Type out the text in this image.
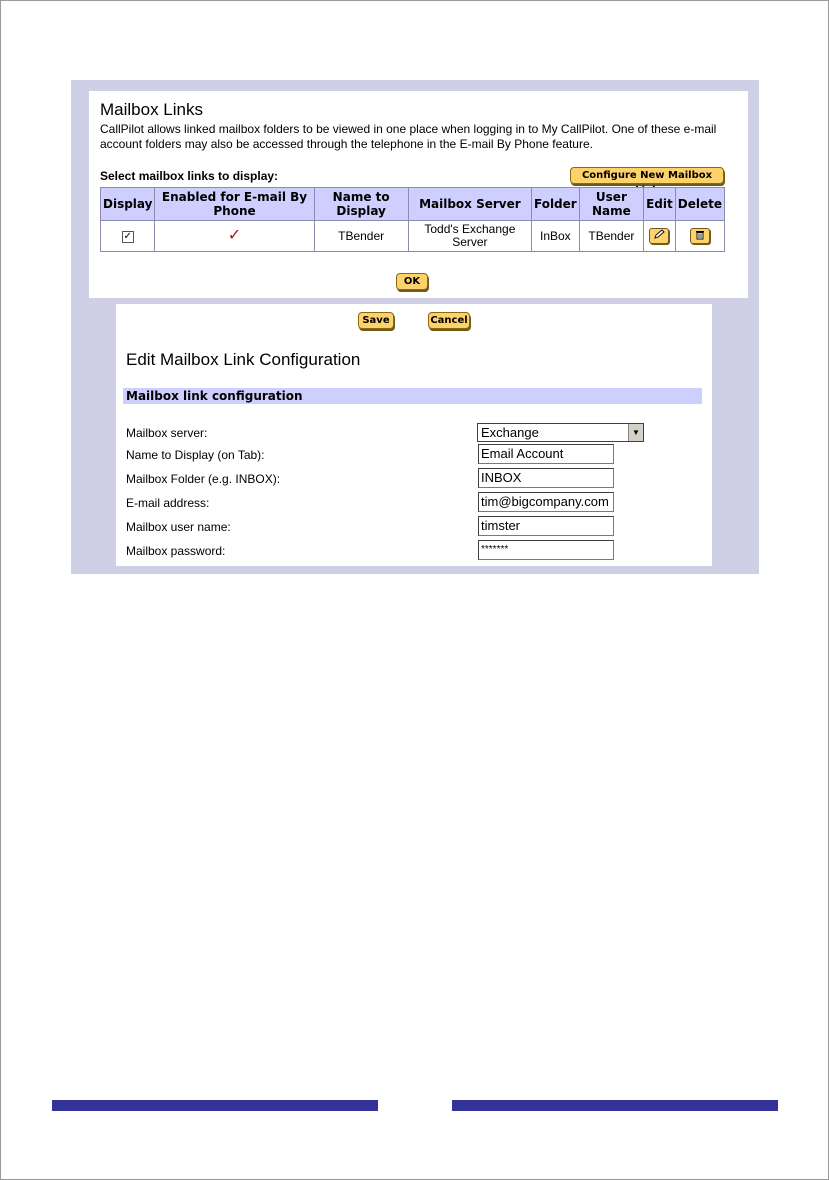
Mailbox Links
CallPilot allows linked mailbox folders to be viewed in one place when logging in to My CallPilot. One of these e-mail account folders may also be accessed through the telephone in the E-mail By Phone feature.
Select mailbox links to display:	Configure New Mailbox
Display	Enabled for E-mail By Phone	Name to Display	Mailbox Server	Folder	User Name	Edit	Delete
✓	✓	TBender	Todd's Exchange Server	InBox	TBender		
OK
Save	Cancel
Edit Mailbox Link Configuration
Mailbox link configuration
Mailbox server:	Exchange	▼
Name to Display (on Tab):	Email Account
Mailbox Folder (e.g. INBOX):	INBOX
E-mail address:	tim@bigcompany.com
Mailbox user name:	timster
Mailbox password:	*******
